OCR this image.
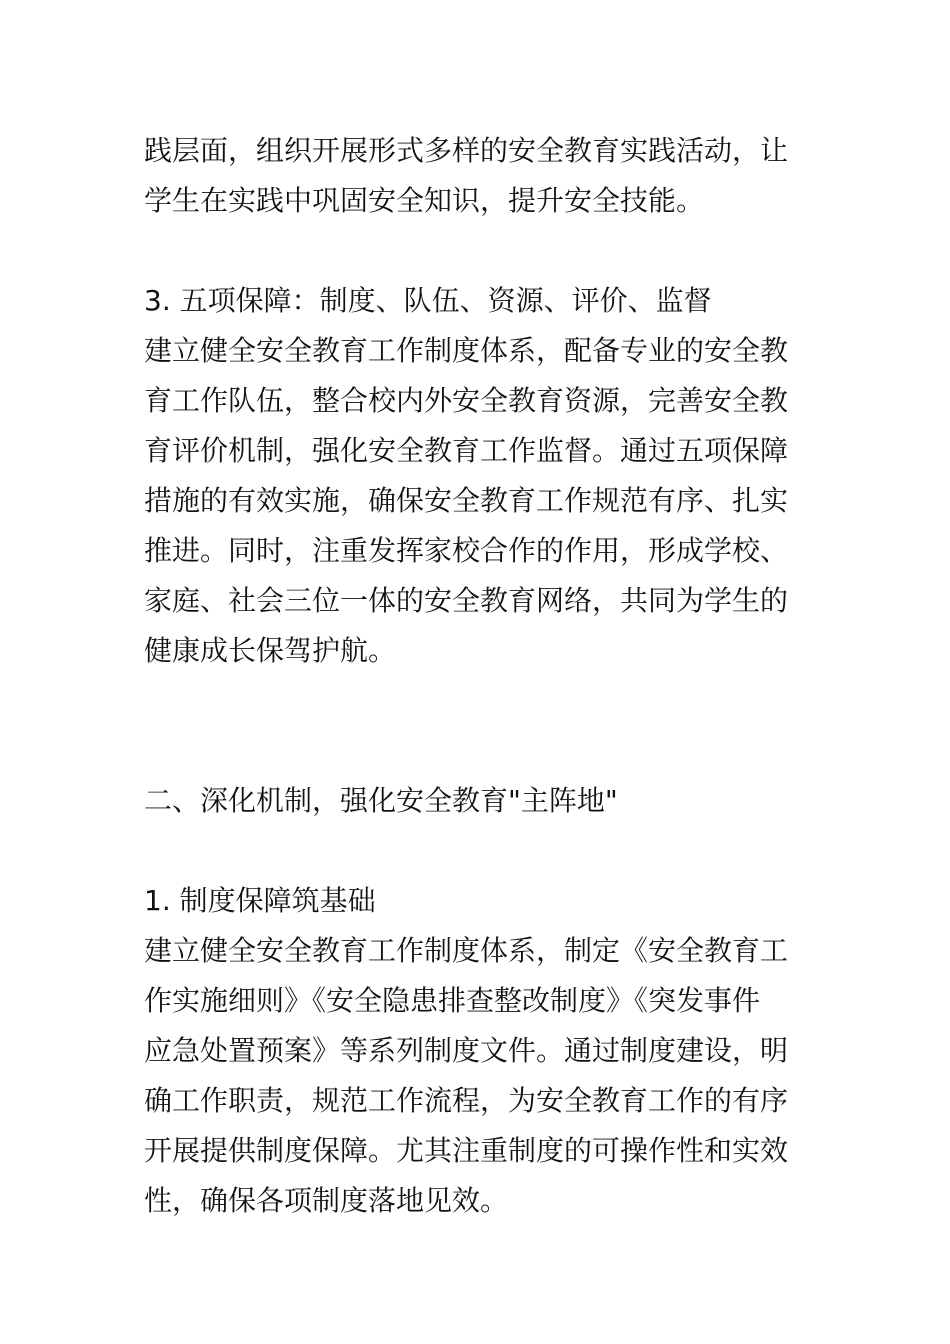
践层面，组织开展形式多样的安全教育实践活动，让
学生在实践中巩固安全知识，提升安全技能。
3. 五项保障：制度、队伍、资源、评价、监督
建立健全安全教育工作制度体系，配备专业的安全教
育工作队伍，整合校内外安全教育资源，完善安全教
育评价机制，强化安全教育工作监督。通过五项保障
措施的有效实施，确保安全教育工作规范有序、扎实
推进。同时，注重发挥家校合作的作用，形成学校、
家庭、社会三位一体的安全教育网络，共同为学生的
健康成长保驾护航。
二、深化机制，强化安全教育"主阵地"
1. 制度保障筑基础
建立健全安全教育工作制度体系，制定《安全教育工
作实施细则》《安全隐患排查整改制度》《突发事件
应急处置预案》等系列制度文件。通过制度建设，明
确工作职责，规范工作流程，为安全教育工作的有序
开展提供制度保障。尤其注重制度的可操作性和实效
性，确保各项制度落地见效。
